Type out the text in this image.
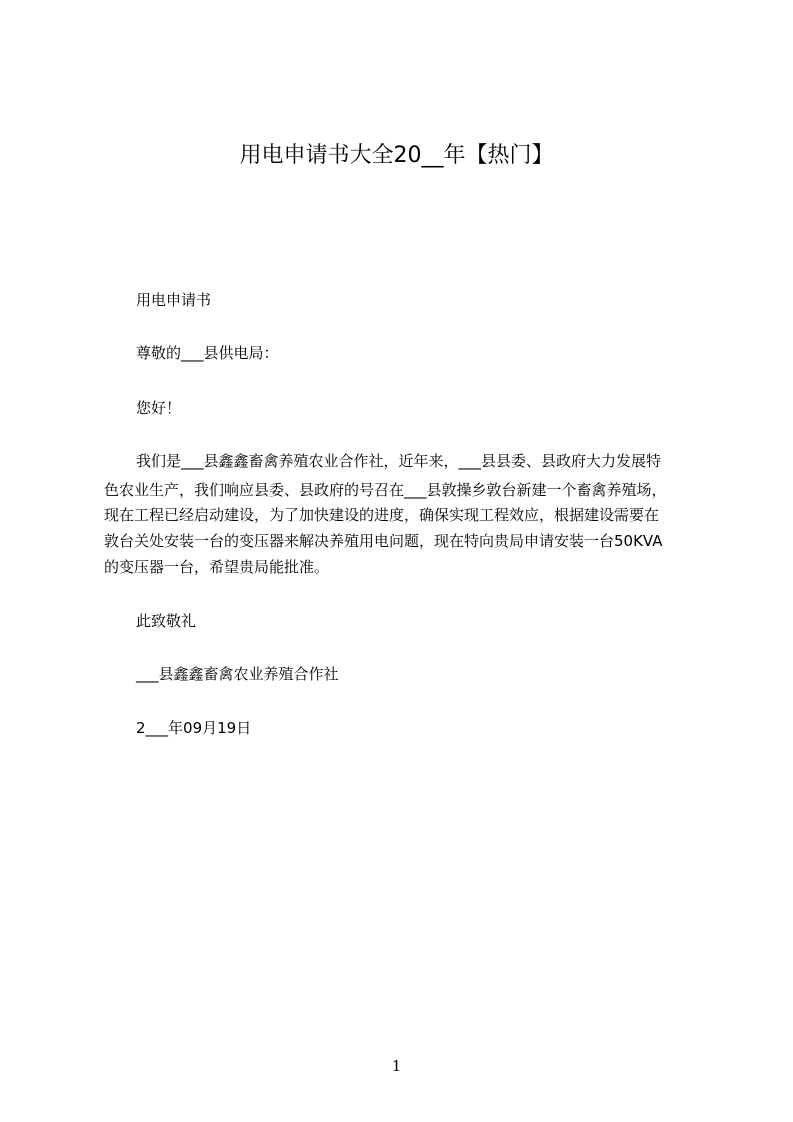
用电申请书大全20__年【热门】
用电申请书
尊敬的___县供电局：
您好！
我们是___县鑫鑫畜禽养殖农业合作社，近年来，___县县委、县政府大力发展特
色农业生产，我们响应县委、县政府的号召在___县敦操乡敦台新建一个畜禽养殖场，
现在工程已经启动建设，为了加快建设的进度，确保实现工程效应，根据建设需要在
敦台关处安装一台的变压器来解决养殖用电问题，现在特向贵局申请安装一台50KVA
的变压器一台，希望贵局能批准。
此致敬礼
___县鑫鑫畜禽农业养殖合作社
2___年09月19日
1
